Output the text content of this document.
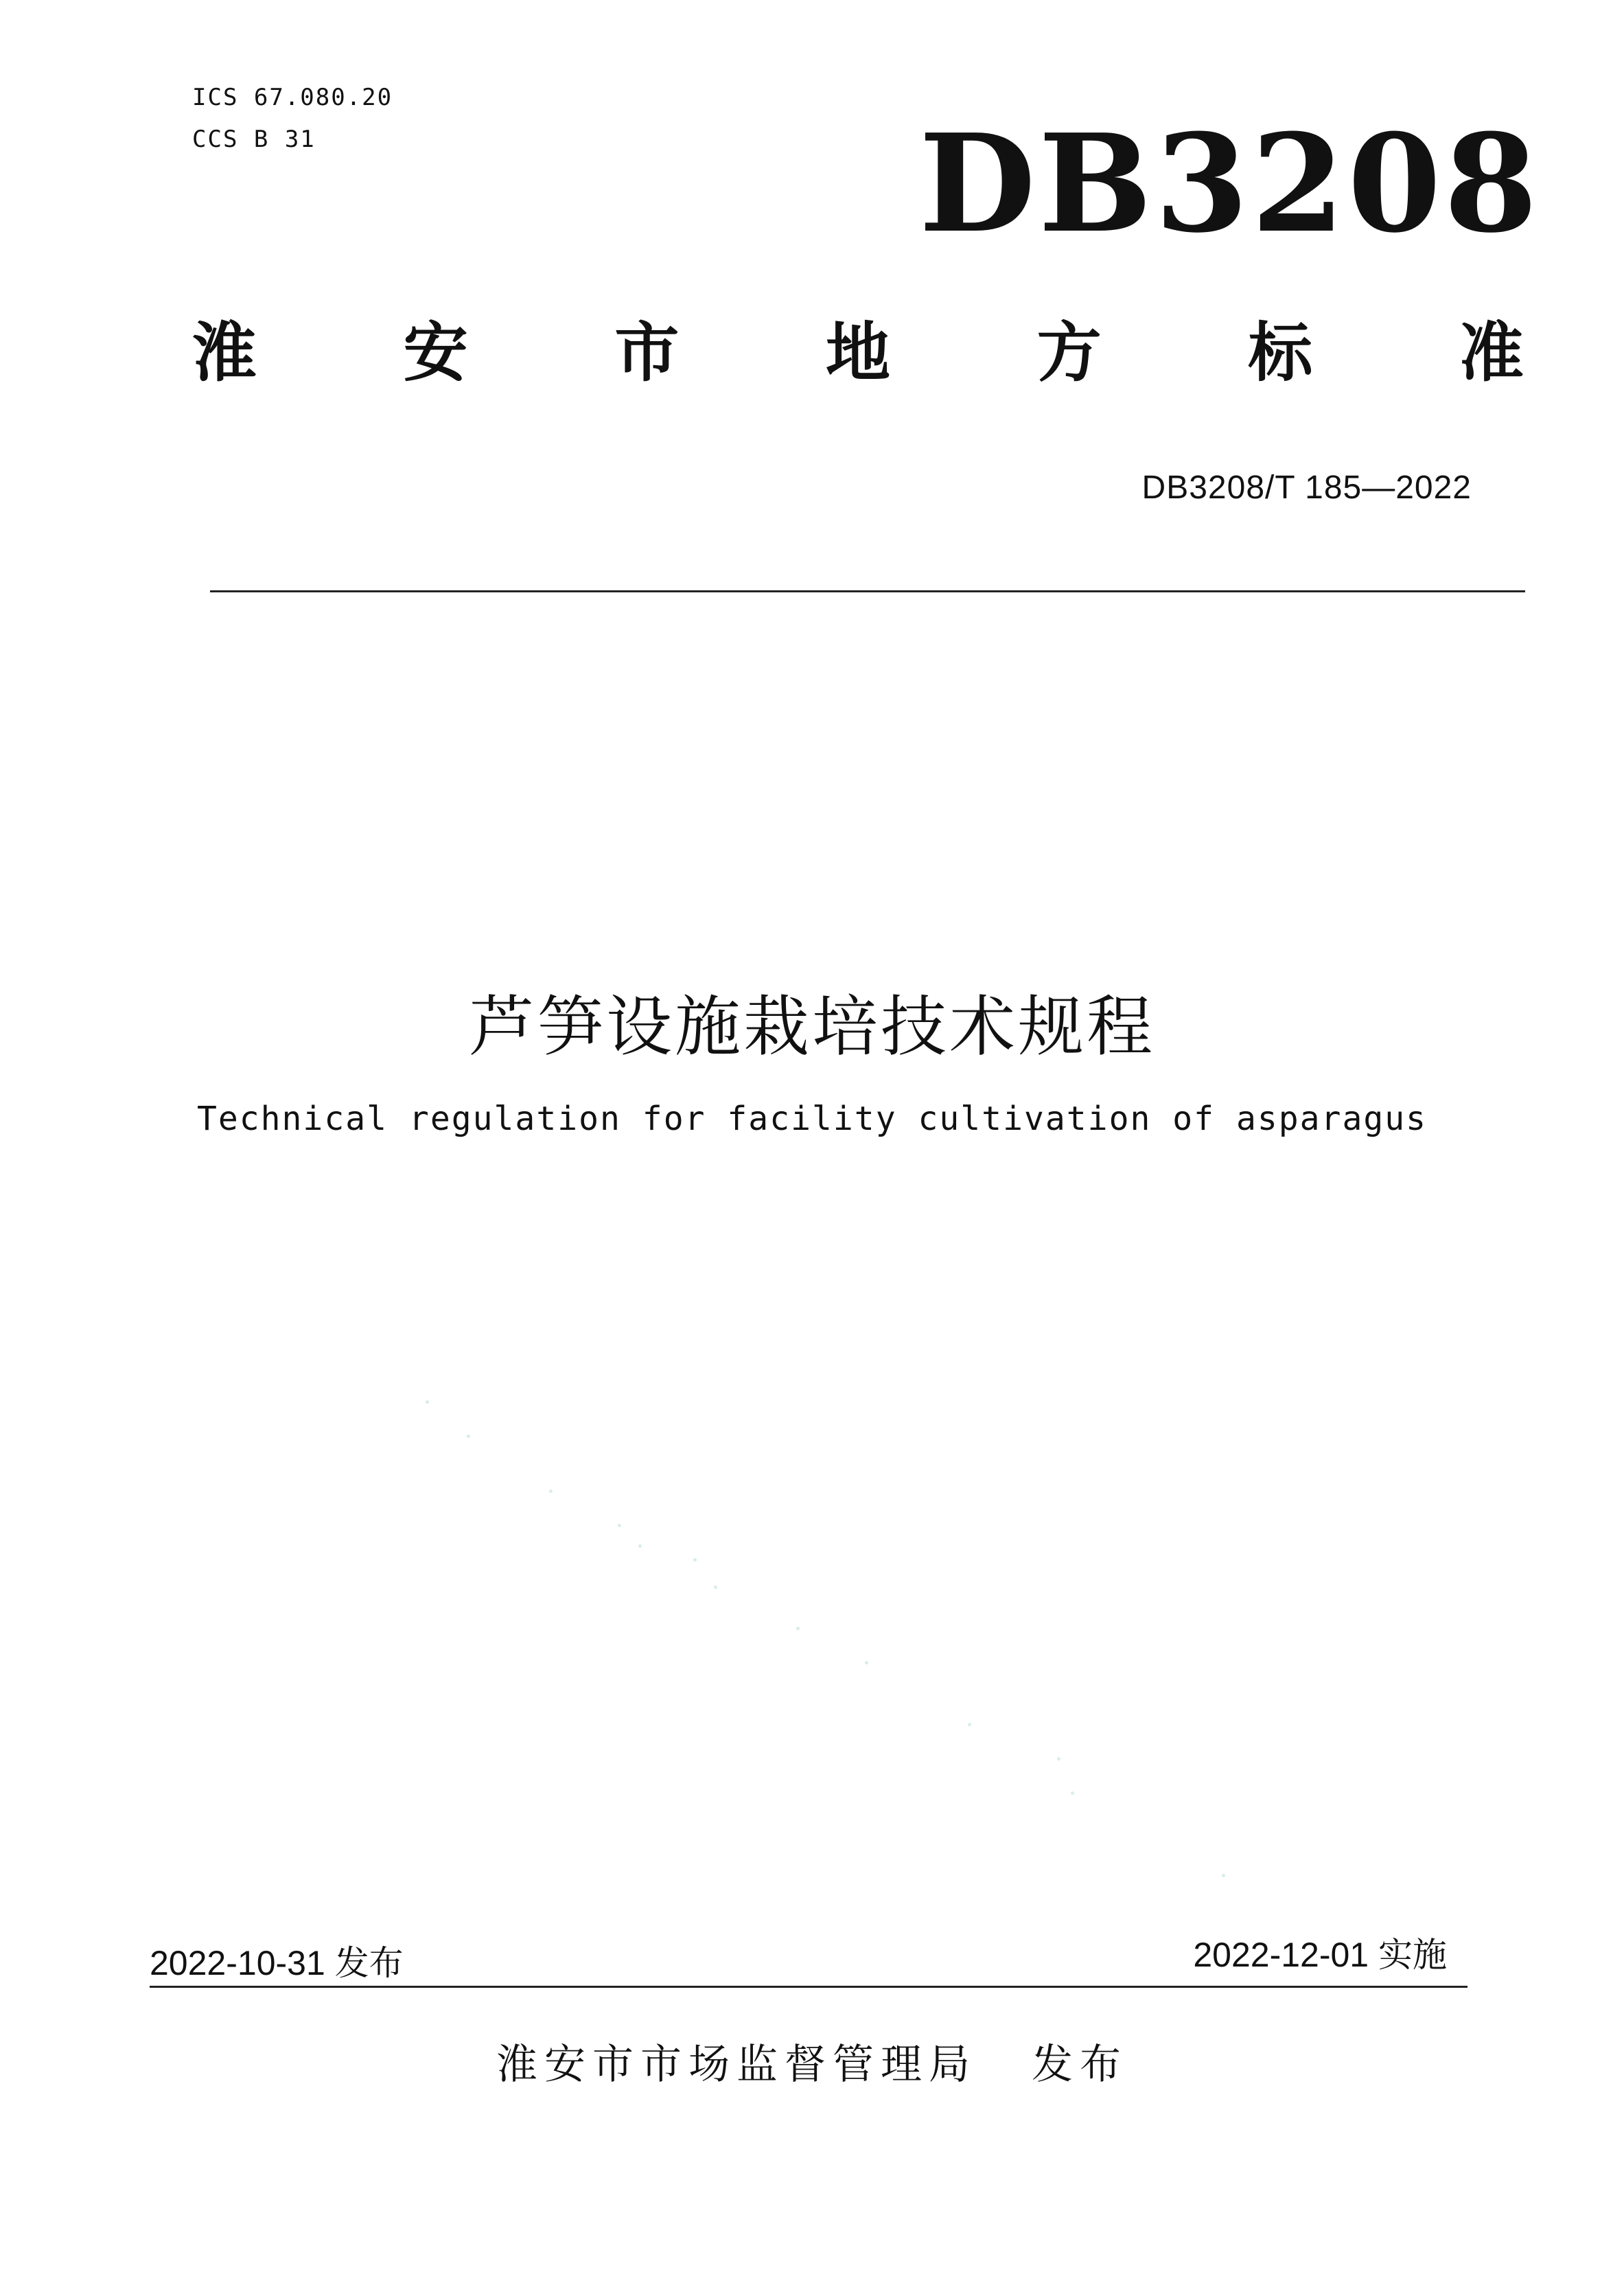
ICS 67.080.20
CCS B 31	DB3208
淮 安 市 地 方 标 准
DB3208/T 185—2022
芦笋设施栽培技术规程
Technical regulation for facility cultivation of asparagus
2022-10-31 发布	2022-12-01 实施
淮安市市场监督管理局 发布
